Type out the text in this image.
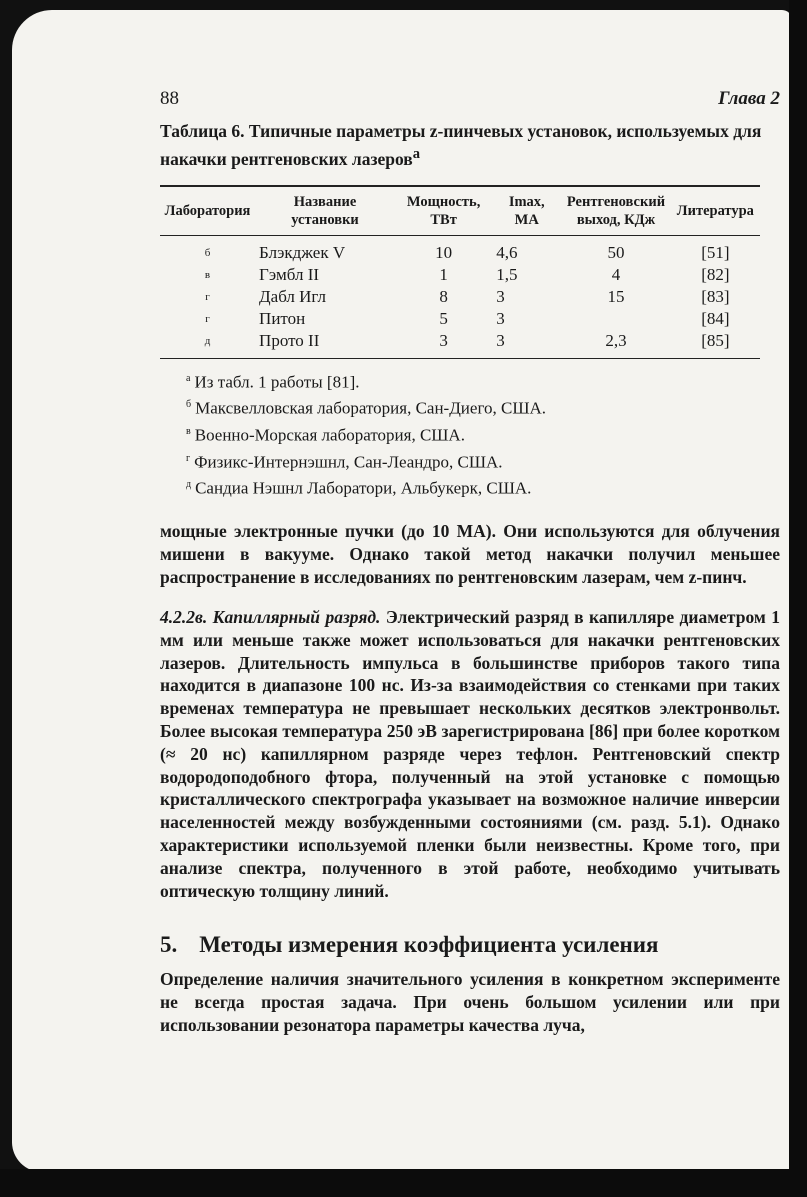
88	Глава 2
Таблица 6. Типичные параметры z-пинчевых установок, используемых для накачки рентгеновских лазеров$^а$
Лаборатория	Название установки	Мощность, ТВт	Imax, МА	Рентгеновский выход, КДж	Литература
б	Блэкджек V	10	4,6	50	[51]
в	Гэмбл II	1	1,5	4	[82]
г	Дабл Игл	8	3	15	[83]
г	Питон	5	3		[84]
д	Прото II	3	3	2,3	[85]
$^а$ Из табл. 1 работы [81].
$^б$ Максвелловская лаборатория, Сан-Диего, США.
$^в$ Военно-Морская лаборатория, США.
$^г$ Физикс-Интернэшнл, Сан-Леандро, США.
$^д$ Сандиа Нэшнл Лаборатори, Альбукерк, США.

мощные электронные пучки (до 10 МА). Они используются для облучения мишени в вакууме. Однако такой метод накачки получил меньшее распространение в исследованиях по рентгеновским лазерам, чем z-пинч.

4.2.2в. Капиллярный разряд. Электрический разряд в капилляре диаметром 1 мм или меньше также может использоваться для накачки рентгеновских лазеров. Длительность импульса в большинстве приборов такого типа находится в диапазоне 100 нс. Из-за взаимодействия со стенками при таких временах температура не превышает нескольких десятков электронвольт. Более высокая температура 250 эВ зарегистрирована [86] при более коротком (≈ 20 нс) капиллярном разряде через тефлон. Рентгеновский спектр водородоподобного фтора, полученный на этой установке с помощью кристаллического спектрографа указывает на возможное наличие инверсии населенностей между возбужденными состояниями (см. разд. 5.1). Однако характеристики используемой пленки были неизвестны. Кроме того, при анализе спектра, полученного в этой работе, необходимо учитывать оптическую толщину линий.

5. Методы измерения коэффициента усиления

Определение наличия значительного усиления в конкретном эксперименте не всегда простая задача. При очень большом усилении или при использовании резонатора параметры качества луча,
